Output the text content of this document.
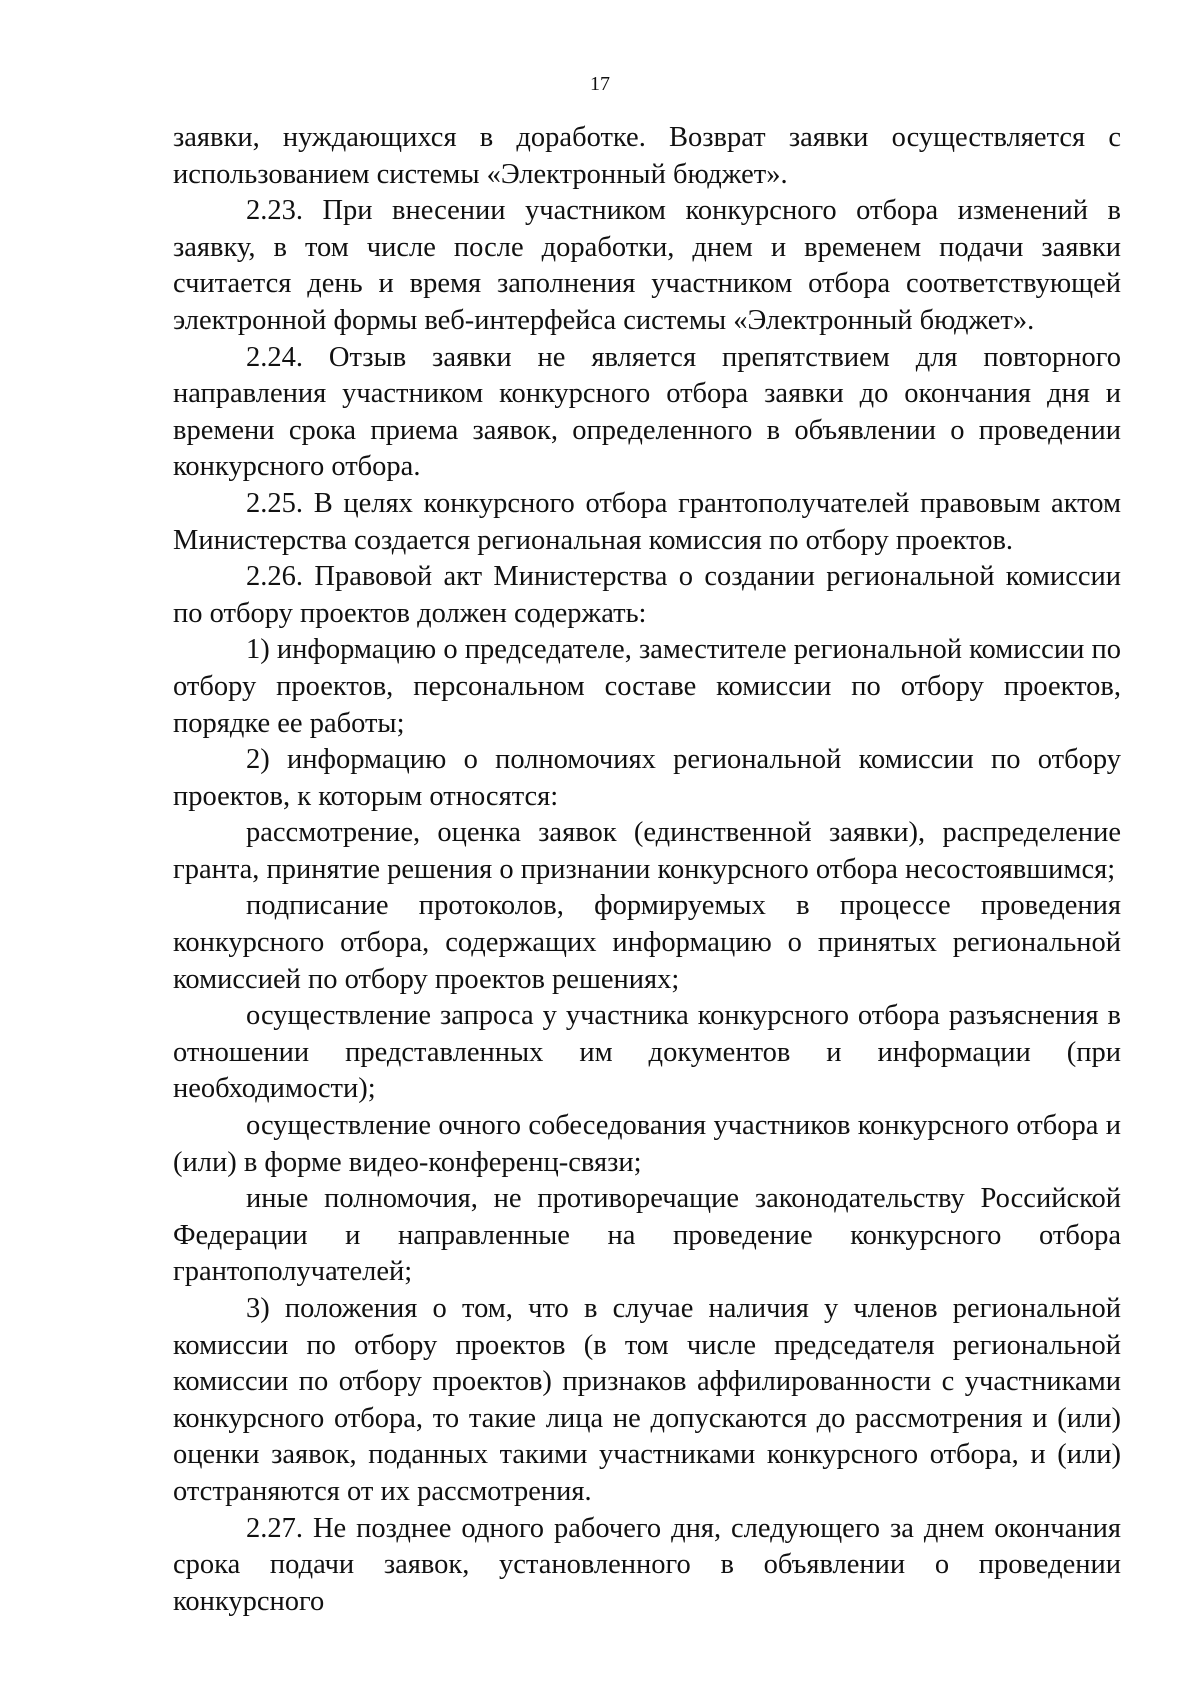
17

заявки, нуждающихся в доработке. Возврат заявки осуществляется с использованием системы «Электронный бюджет».

2.23. При внесении участником конкурсного отбора изменений в заявку, в том числе после доработки, днем и временем подачи заявки считается день и время заполнения участником отбора соответствующей электронной формы веб-интерфейса системы «Электронный бюджет».

2.24. Отзыв заявки не является препятствием для повторного направления участником конкурсного отбора заявки до окончания дня и времени срока приема заявок, определенного в объявлении о проведении конкурсного отбора.

2.25. В целях конкурсного отбора грантополучателей правовым актом Министерства создается региональная комиссия по отбору проектов.

2.26. Правовой акт Министерства о создании региональной комиссии по отбору проектов должен содержать:

1) информацию о председателе, заместителе региональной комиссии по отбору проектов, персональном составе комиссии по отбору проектов, порядке ее работы;

2) информацию о полномочиях региональной комиссии по отбору проектов, к которым относятся:

рассмотрение, оценка заявок (единственной заявки), распределение гранта, принятие решения о признании конкурсного отбора несостоявшимся;

подписание протоколов, формируемых в процессе проведения конкурсного отбора, содержащих информацию о принятых региональной комиссией по отбору проектов решениях;

осуществление запроса у участника конкурсного отбора разъяснения в отношении представленных им документов и информации (при необходимости);

осуществление очного собеседования участников конкурсного отбора и (или) в форме видео-конференц-связи;

иные полномочия, не противоречащие законодательству Российской Федерации и направленные на проведение конкурсного отбора грантополучателей;

3) положения о том, что в случае наличия у членов региональной комиссии по отбору проектов (в том числе председателя региональной комиссии по отбору проектов) признаков аффилированности с участниками конкурсного отбора, то такие лица не допускаются до рассмотрения и (или) оценки заявок, поданных такими участниками конкурсного отбора, и (или) отстраняются от их рассмотрения.

2.27. Не позднее одного рабочего дня, следующего за днем окончания срока подачи заявок, установленного в объявлении о проведении конкурсного
